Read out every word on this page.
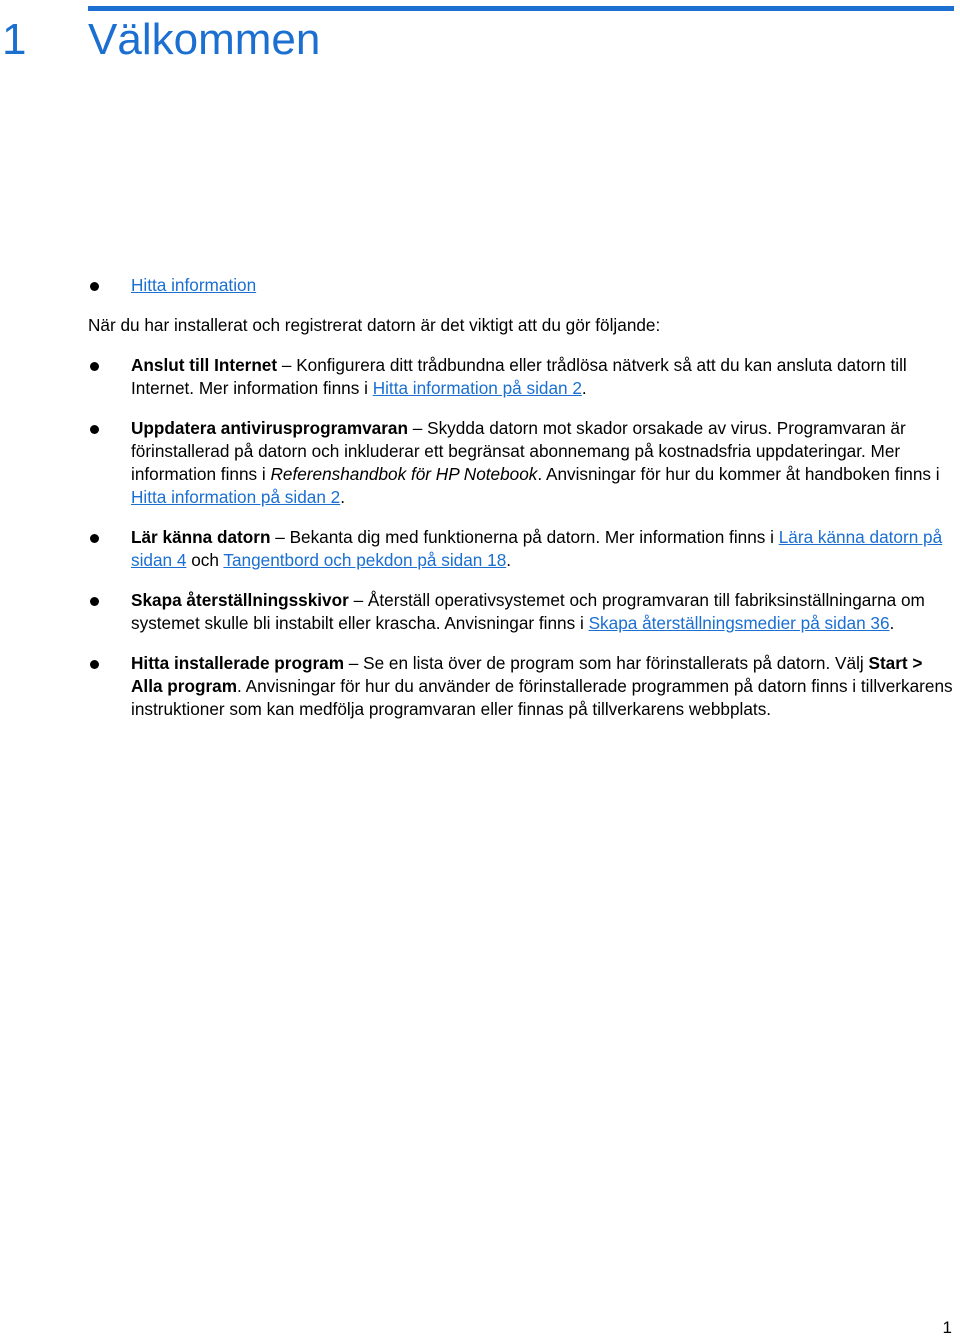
1 Välkommen
Hitta information
När du har installerat och registrerat datorn är det viktigt att du gör följande:
Anslut till Internet – Konfigurera ditt trådbundna eller trådlösa nätverk så att du kan ansluta datorn till Internet. Mer information finns i Hitta information på sidan 2.
Uppdatera antivirusprogramvaran – Skydda datorn mot skador orsakade av virus. Programvaran är förinstallerad på datorn och inkluderar ett begränsat abonnemang på kostnadsfria uppdateringar. Mer information finns i Referenshandbok för HP Notebook. Anvisningar för hur du kommer åt handboken finns i Hitta information på sidan 2.
Lär känna datorn – Bekanta dig med funktionerna på datorn. Mer information finns i Lära känna datorn på sidan 4 och Tangentbord och pekdon på sidan 18.
Skapa återställningsskivor – Återställ operativsystemet och programvaran till fabriksinställningarna om systemet skulle bli instabilt eller krascha. Anvisningar finns i Skapa återställningsmedier på sidan 36.
Hitta installerade program – Se en lista över de program som har förinstallerats på datorn. Välj Start > Alla program. Anvisningar för hur du använder de förinstallerade programmen på datorn finns i tillverkarens instruktioner som kan medfölja programvaran eller finnas på tillverkarens webbplats.
1
